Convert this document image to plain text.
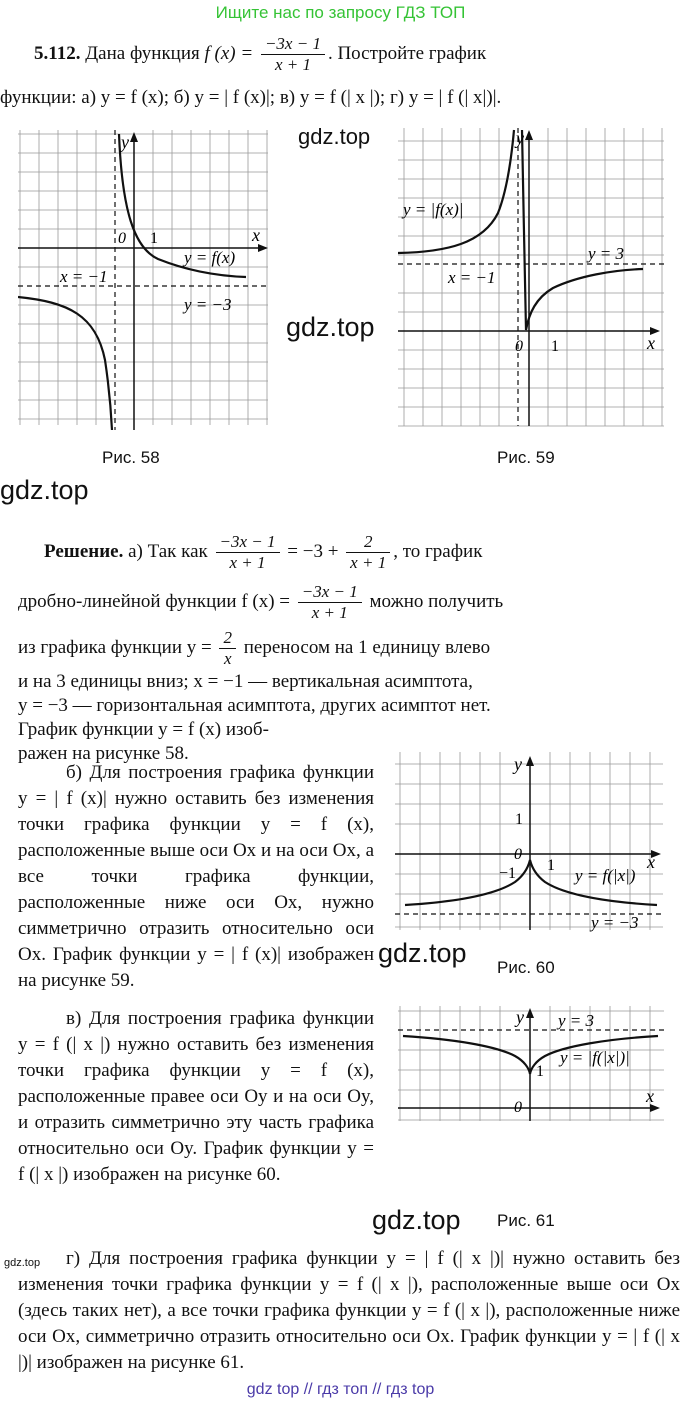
Ищите нас по запросу ГДЗ ТОП
5.112. Дана функция f $(x) = \frac{-3x - 1}{x + 1}$ . Постройте график
функции: а) y = f (x); б) y = | f (x)|; в) y = f (| x |); г) y = | f (| x|)|.
y
x
0 1
y = f(x)
x = −1
y = −3
Рис. 58
y
x
0 1
y = |f(x)|
x = −1
y = 3
Рис. 59
gdz.top
gdz.top
gdz.top
gdz.top
gdz.top
gdz.top
Решение. а) Так как $\frac{-3x - 1}{x + 1} = -3 + \frac{2}{x + 1}$ , то график
дробно-линейной функции f $(x) = \frac{-3x - 1}{x + 1}$ можно получить
из графика функции $y = \frac{2}{x}$ переносом на 1 единицу влево
и на 3 единицы вниз; x = −1 — вертикальная асимптота,
y = −3 — горизонтальная асимптота, других асимптот нет.
График функции y = f (x) изоб-
ражен на рисунке 58.
б) Для построения графика функции y = | f (x)| нужно оставить без изменения точки графика функции y = f (x), расположенные выше оси Ox и на оси Ox, а все точки графика функции, расположенные ниже оси Ox, нужно симметрично отразить относительно оси Ox. График функции y = | f (x)| изображен на рисунке 59.
y
x
0
1
1
−1	y = f(|x|)
y = −3
Рис. 60
в) Для построения графика функции y = f (| x |) нужно оставить без изменения точки графика функции y = f (x), расположенные правее оси Oy и на оси Oy, и отразить симметрично эту часть графика относительно оси Oy. График функции y = f (| x |) изображен на рисунке 60.
y
x
0
1
y = 3
y = |f(|x|)|
Рис. 61
г) Для построения графика функции y = | f (| x |)| нужно оставить без изменения точки графика функции y = f (| x |), расположенные выше оси Ox (здесь таких нет), а все точки графика функции y = f (| x |), расположенные ниже оси Ox, симметрично отразить относительно оси Ox. График функции y = | f (| x |)| изображен на рисунке 61.
gdz top // гдз топ // гдз top
